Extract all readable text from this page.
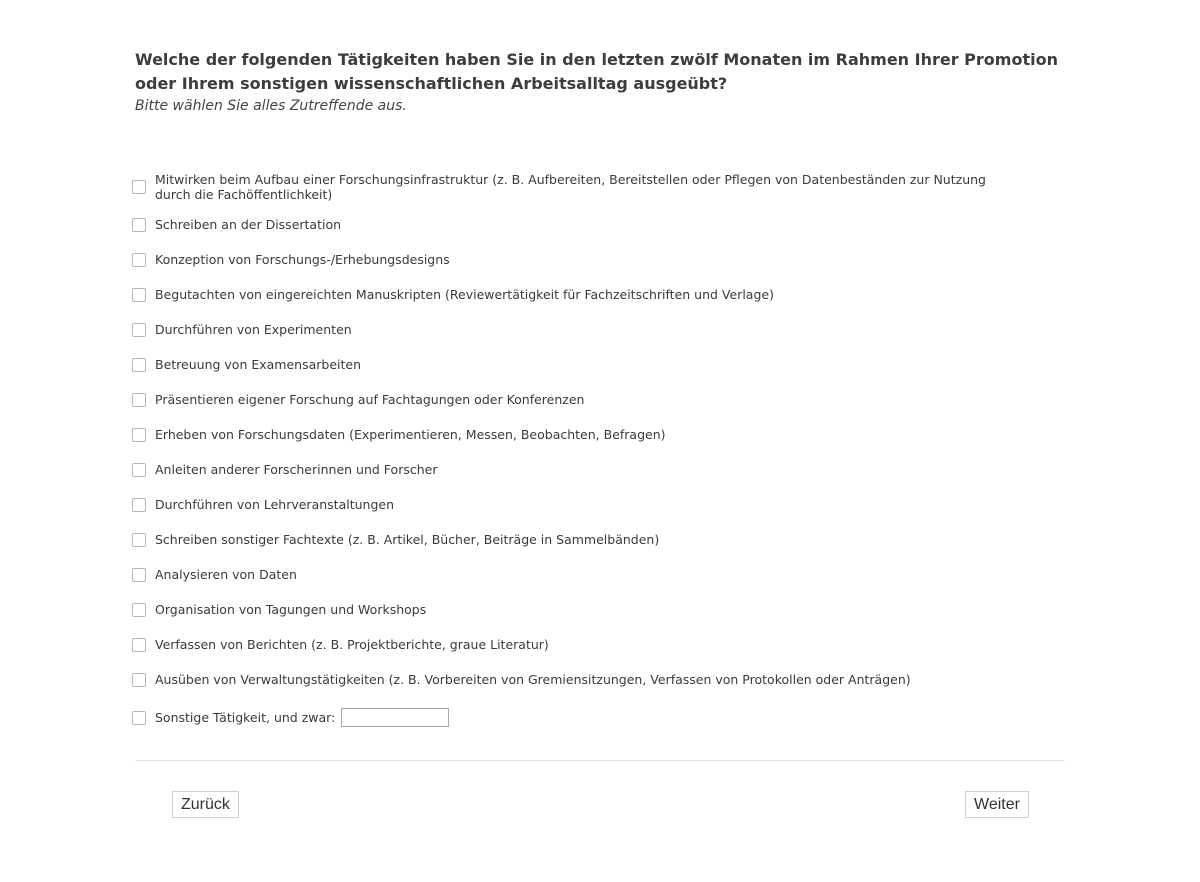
Welche der folgenden Tätigkeiten haben Sie in den letzten zwölf Monaten im Rahmen Ihrer Promotion oder Ihrem sonstigen wissenschaftlichen Arbeitsalltag ausgeübt?

Bitte wählen Sie alles Zutreffende aus.

Mitwirken beim Aufbau einer Forschungsinfrastruktur (z. B. Aufbereiten, Bereitstellen oder Pflegen von Datenbeständen zur Nutzung durch die Fachöffentlichkeit)
Schreiben an der Dissertation
Konzeption von Forschungs-/Erhebungsdesigns
Begutachten von eingereichten Manuskripten (Reviewertätigkeit für Fachzeitschriften und Verlage)
Durchführen von Experimenten
Betreuung von Examensarbeiten
Präsentieren eigener Forschung auf Fachtagungen oder Konferenzen
Erheben von Forschungsdaten (Experimentieren, Messen, Beobachten, Befragen)
Anleiten anderer Forscherinnen und Forscher
Durchführen von Lehrveranstaltungen
Schreiben sonstiger Fachtexte (z. B. Artikel, Bücher, Beiträge in Sammelbänden)
Analysieren von Daten
Organisation von Tagungen und Workshops
Verfassen von Berichten (z. B. Projektberichte, graue Literatur)
Ausüben von Verwaltungstätigkeiten (z. B. Vorbereiten von Gremiensitzungen, Verfassen von Protokollen oder Anträgen)
Sonstige Tätigkeit, und zwar:
Zurück	Weiter
